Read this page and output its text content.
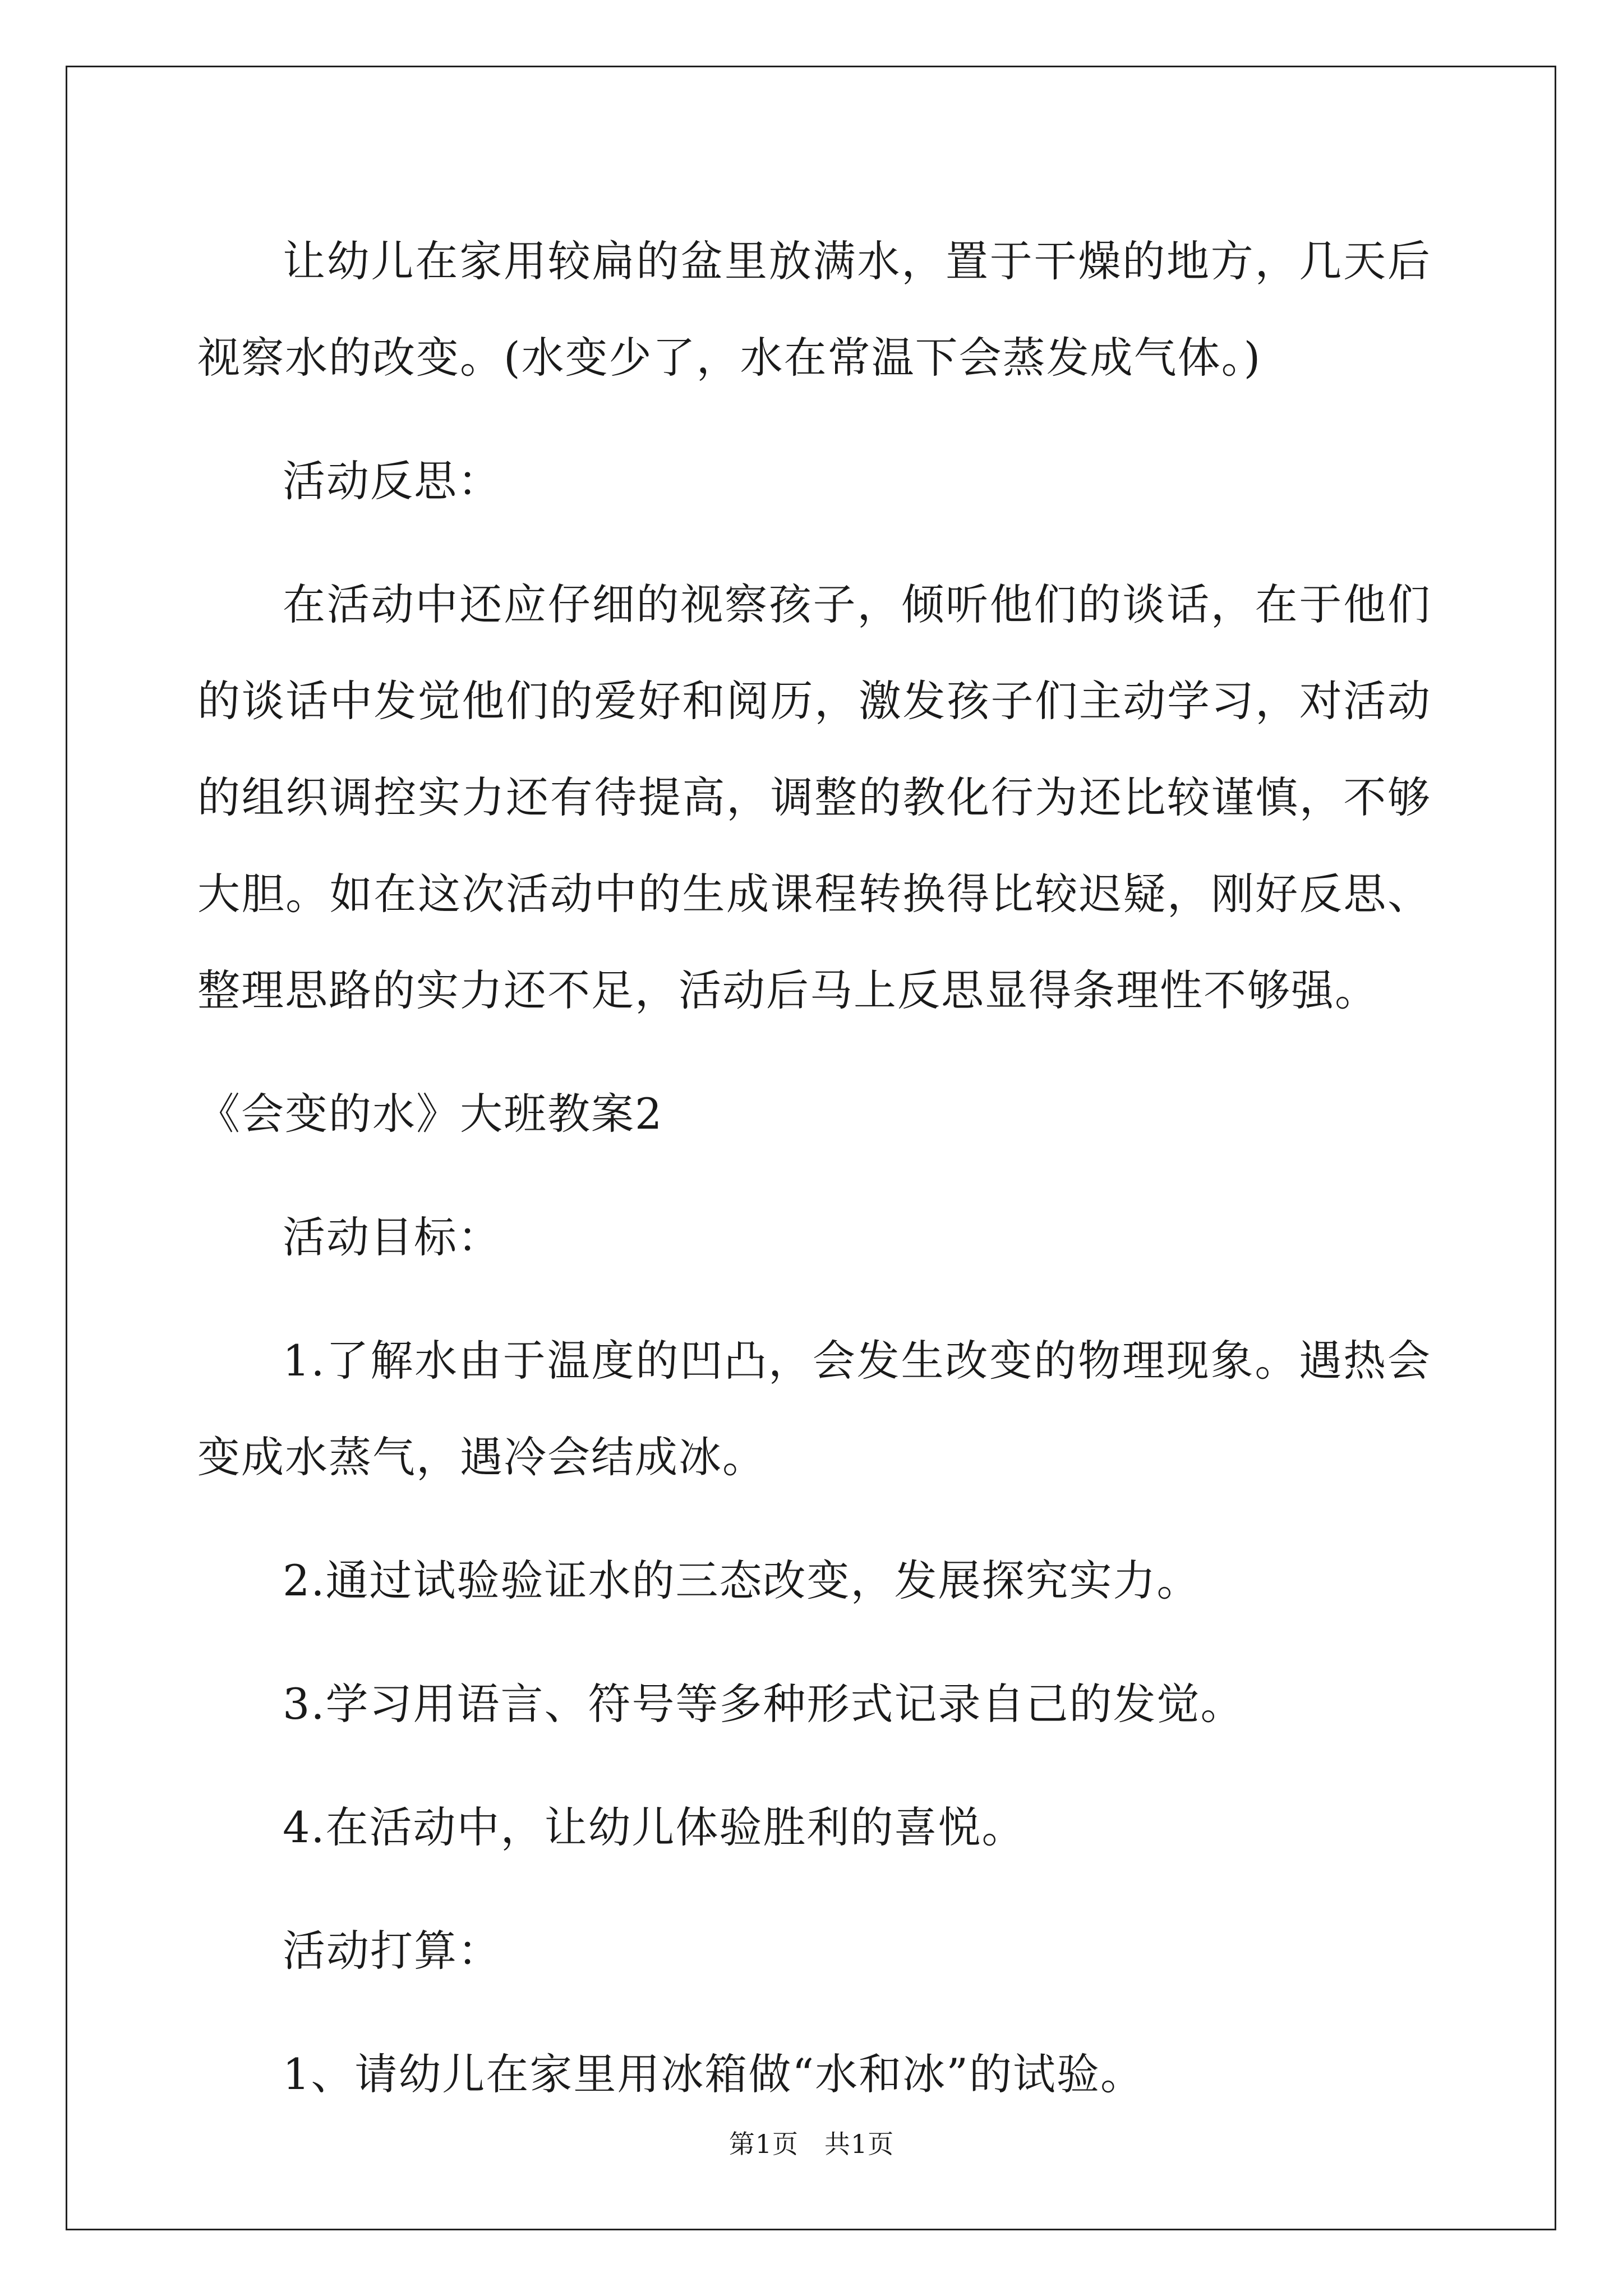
让幼儿在家用较扁的盆里放满水，置于干燥的地方，几天后视察水的改变。(水变少了，水在常温下会蒸发成气体。)

活动反思：

在活动中还应仔细的视察孩子，倾听他们的谈话，在于他们的谈话中发觉他们的爱好和阅历，激发孩子们主动学习，对活动的组织调控实力还有待提高，调整的教化行为还比较谨慎，不够大胆。如在这次活动中的生成课程转换得比较迟疑，刚好反思、整理思路的实力还不足，活动后马上反思显得条理性不够强。

《会变的水》大班教案2

活动目标：

1.了解水由于温度的凹凸，会发生改变的物理现象。遇热会变成水蒸气，遇冷会结成冰。

2.通过试验验证水的三态改变，发展探究实力。

3.学习用语言、符号等多种形式记录自己的发觉。

4.在活动中，让幼儿体验胜利的喜悦。

活动打算：

1、请幼儿在家里用冰箱做“水和冰”的试验。

第1页 共1页
